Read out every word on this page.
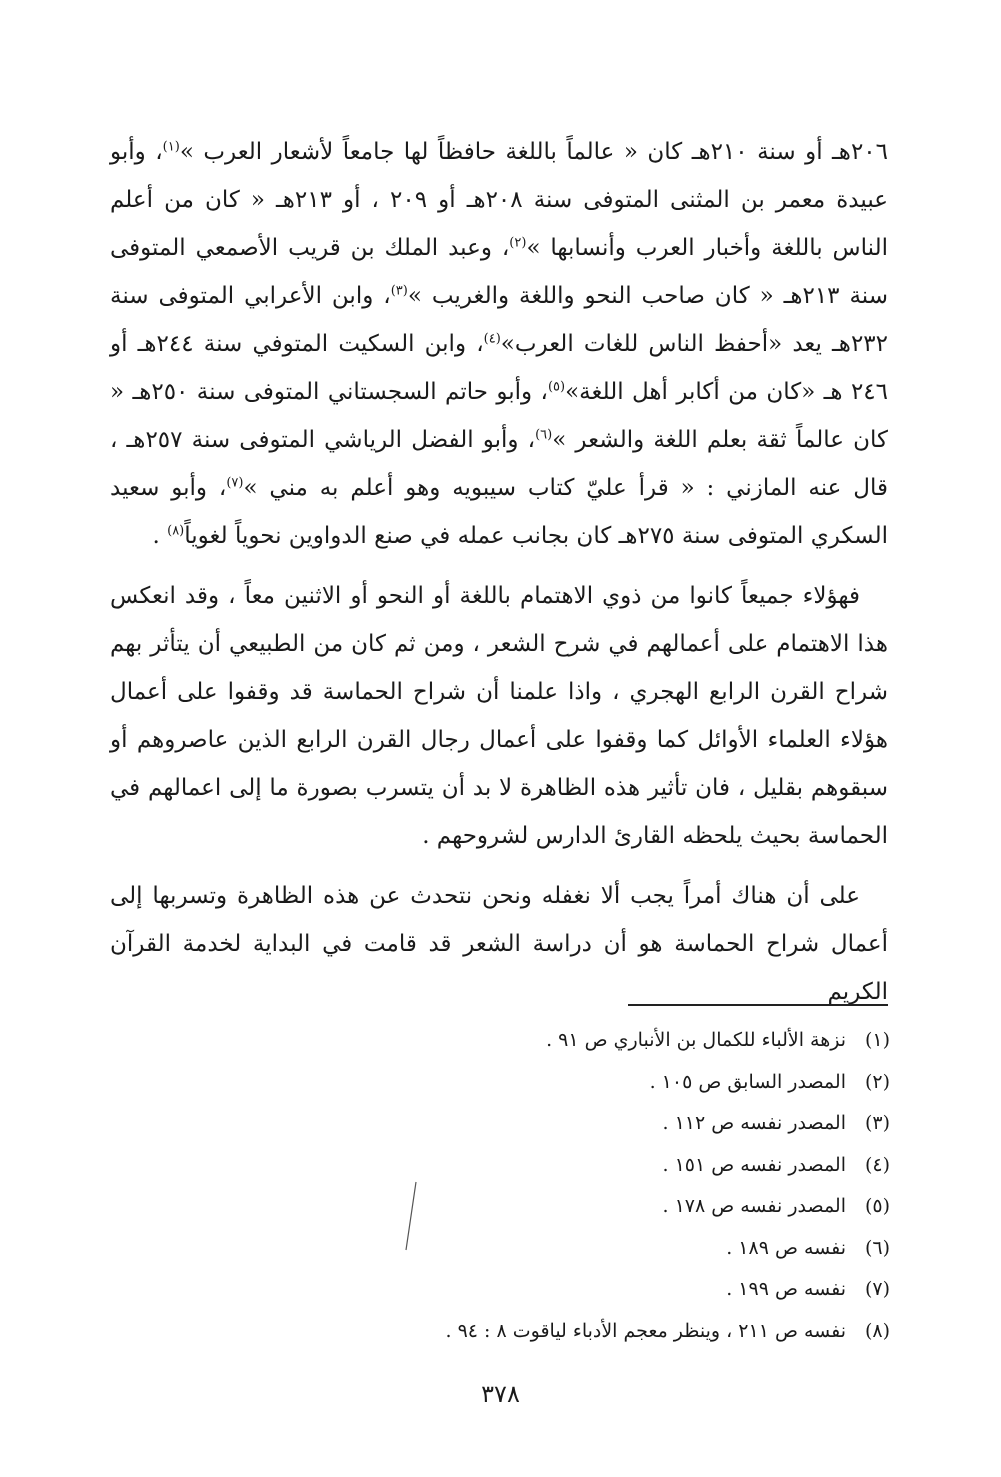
٢٠٦هـ أو سنة ٢١٠هـ كان « عالماً باللغة حافظاً لها جامعاً لأشعار العرب »$^{(١)}$، وأبو عبيدة معمر بن المثنى المتوفى سنة ٢٠٨هـ أو ٢٠٩ ، أو ٢١٣هـ « كان من أعلم الناس باللغة وأخبار العرب وأنسابها »$^{(٢)}$، وعبد الملك بن قريب الأصمعي المتوفى سنة ٢١٣هـ « كان صاحب النحو واللغة والغريب »$^{(٣)}$، وابن الأعرابي المتوفى سنة ٢٣٢هـ يعد «أحفظ الناس للغات العرب»$^{(٤)}$، وابن السكيت المتوفي سنة ٢٤٤هـ أو ٢٤٦ هـ «كان من أكابر أهل اللغة»$^{(٥)}$، وأبو حاتم السجستاني المتوفى سنة ٢٥٠هـ « كان عالماً ثقة بعلم اللغة والشعر »$^{(٦)}$، وأبو الفضل الرياشي المتوفى سنة ٢٥٧هـ ، قال عنه المازني : « قرأ عليّ كتاب سيبويه وهو أعلم به مني »$^{(٧)}$، وأبو سعيد السكري المتوفى سنة ٢٧٥هـ كان بجانب عمله في صنع الدواوين نحوياً لغوياً$^{(٨)}$ .

فهؤلاء جميعاً كانوا من ذوي الاهتمام باللغة أو النحو أو الاثنين معاً ، وقد انعكس هذا الاهتمام على أعمالهم في شرح الشعر ، ومن ثم كان من الطبيعي أن يتأثر بهم شراح القرن الرابع الهجري ، واذا علمنا أن شراح الحماسة قد وقفوا على أعمال هؤلاء العلماء الأوائل كما وقفوا على أعمال رجال القرن الرابع الذين عاصروهم أو سبقوهم بقليل ، فان تأثير هذه الظاهرة لا بد أن يتسرب بصورة ما إلى اعمالهم في الحماسة بحيث يلحظه القارئ الدارس لشروحهم .

على أن هناك أمراً يجب ألا نغفله ونحن نتحدث عن هذه الظاهرة وتسربها إلى أعمال شراح الحماسة هو أن دراسة الشعر قد قامت في البداية لخدمة القرآن الكريم

(١)
نزهة الألباء للكمال بن الأنباري ص ٩١ .
(٢)
المصدر السابق ص ١٠٥ .
(٣)
المصدر نفسه ص ١١٢ .
(٤)
المصدر نفسه ص ١٥١ .
(٥)
المصدر نفسه ص ١٧٨ .
(٦)
نفسه ص ١٨٩ .
(٧)
نفسه ص ١٩٩ .
(٨)
نفسه ص ٢١١ ، وينظر معجم الأدباء لياقوت ٨ : ٩٤ .
٣٧٨
